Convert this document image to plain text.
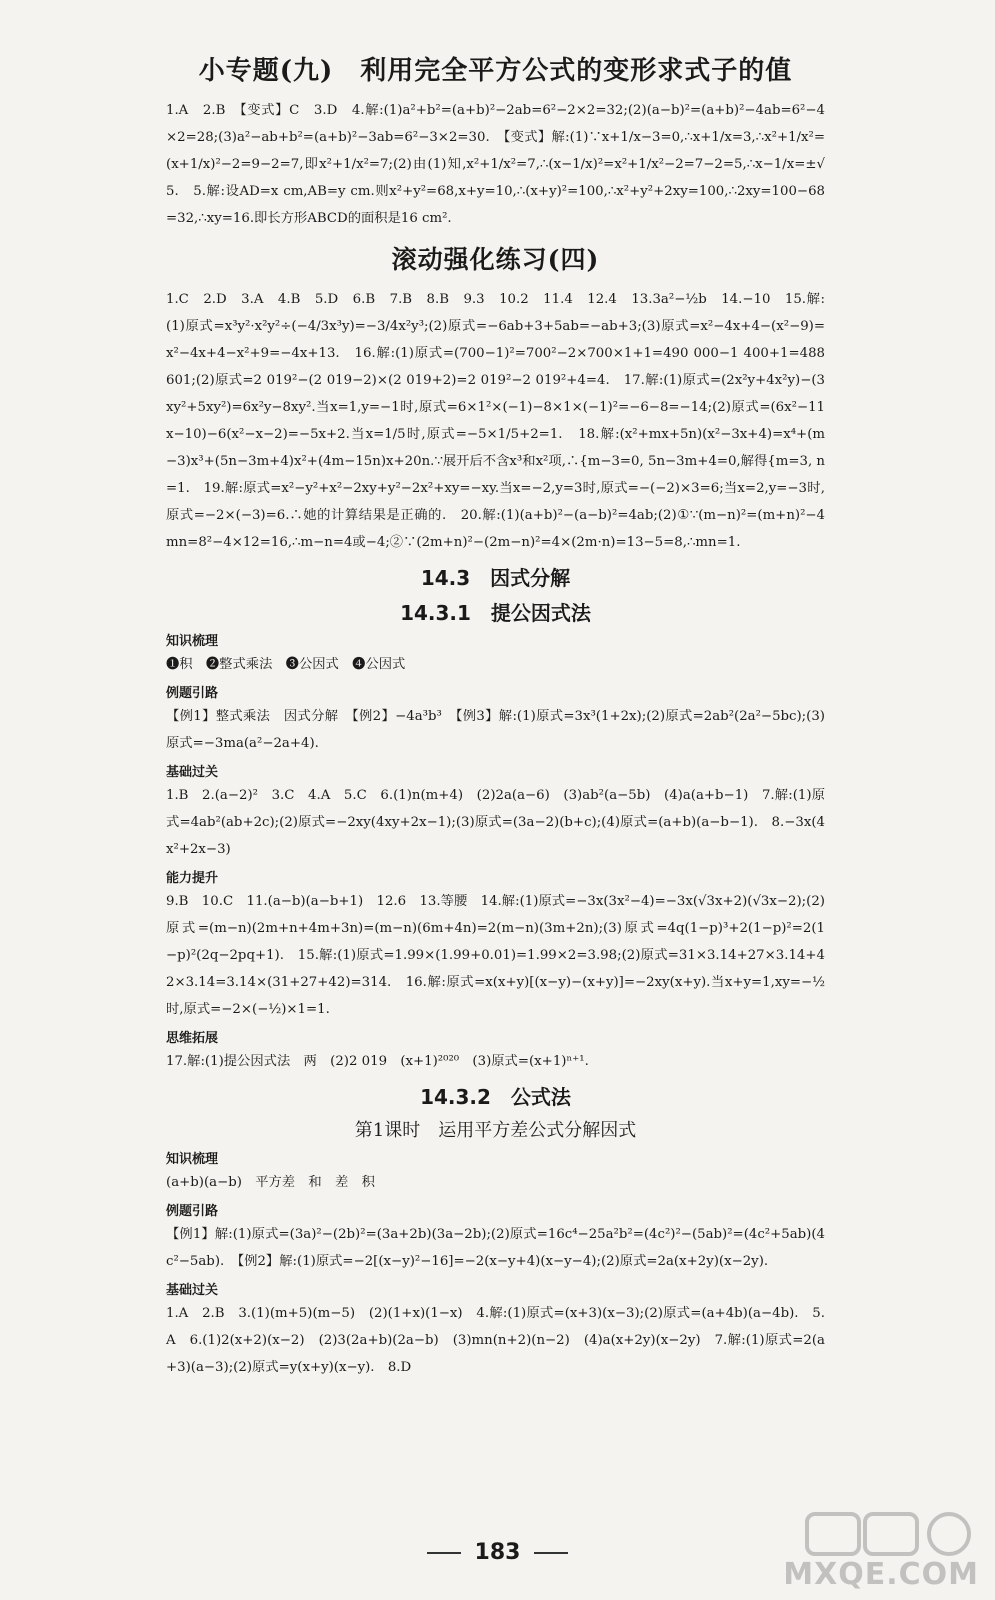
小专题(九)　利用完全平方公式的变形求式子的值

1.A　2.B　【变式】C　3.D　4.解:(1)a²+b²=(a+b)²−2ab=6²−2×2=32;(2)(a−b)²=(a+b)²−4ab=6²−4×2=28;(3)a²−ab+b²=(a+b)²−3ab=6²−3×2=30.　【变式】解:(1)∵x+1/x−3=0,∴x+1/x=3,∴x²+1/x²=(x+1/x)²−2=9−2=7,即x²+1/x²=7;(2)由(1)知,x²+1/x²=7,∴(x−1/x)²=x²+1/x²−2=7−2=5,∴x−1/x=±√5.　5.解:设AD=x cm,AB=y cm.则x²+y²=68,x+y=10,∴(x+y)²=100,∴x²+y²+2xy=100,∴2xy=100−68=32,∴xy=16.即长方形ABCD的面积是16 cm².

滚动强化练习(四)

1.C　2.D　3.A　4.B　5.D　6.B　7.B　8.B　9.3　10.2　11.4　12.4　13.3a²−½b　14.−10　15.解:(1)原式=x³y²·x²y²÷(−4/3x³y)=−3/4x²y³;(2)原式=−6ab+3+5ab=−ab+3;(3)原式=x²−4x+4−(x²−9)=x²−4x+4−x²+9=−4x+13.　16.解:(1)原式=(700−1)²=700²−2×700×1+1=490 000−1 400+1=488 601;(2)原式=2 019²−(2 019−2)×(2 019+2)=2 019²−2 019²+4=4.　17.解:(1)原式=(2x²y+4x²y)−(3xy²+5xy²)=6x²y−8xy².当x=1,y=−1时,原式=6×1²×(−1)−8×1×(−1)²=−6−8=−14;(2)原式=(6x²−11x−10)−6(x²−x−2)=−5x+2.当x=1/5时,原式=−5×1/5+2=1.　18.解:(x²+mx+5n)(x²−3x+4)=x⁴+(m−3)x³+(5n−3m+4)x²+(4m−15n)x+20n.∵展开后不含x³和x²项,∴{m−3=0, 5n−3m+4=0,解得{m=3, n=1.　19.解:原式=x²−y²+x²−2xy+y²−2x²+xy=−xy.当x=−2,y=3时,原式=−(−2)×3=6;当x=2,y=−3时,原式=−2×(−3)=6.∴她的计算结果是正确的.　20.解:(1)(a+b)²−(a−b)²=4ab;(2)①∵(m−n)²=(m+n)²−4mn=8²−4×12=16,∴m−n=4或−4;②∵(2m+n)²−(2m−n)²=4×(2m·n)=13−5=8,∴mn=1.

14.3　因式分解
14.3.1　提公因式法
知识梳理

❶积　❷整式乘法　❸公因式　❹公因式

例题引路

【例1】整式乘法　因式分解　【例2】−4a³b³　【例3】解:(1)原式=3x³(1+2x);(2)原式=2ab²(2a²−5bc);(3)原式=−3ma(a²−2a+4).

基础过关

1.B　2.(a−2)²　3.C　4.A　5.C　6.(1)n(m+4)　(2)2a(a−6)　(3)ab²(a−5b)　(4)a(a+b−1)　7.解:(1)原式=4ab²(ab+2c);(2)原式=−2xy(4xy+2x−1);(3)原式=(3a−2)(b+c);(4)原式=(a+b)(a−b−1).　8.−3x(4x²+2x−3)

能力提升

9.B　10.C　11.(a−b)(a−b+1)　12.6　13.等腰　14.解:(1)原式=−3x(3x²−4)=−3x(√3x+2)(√3x−2);(2)原式=(m−n)(2m+n+4m+3n)=(m−n)(6m+4n)=2(m−n)(3m+2n);(3)原式=4q(1−p)³+2(1−p)²=2(1−p)²(2q−2pq+1).　15.解:(1)原式=1.99×(1.99+0.01)=1.99×2=3.98;(2)原式=31×3.14+27×3.14+42×3.14=3.14×(31+27+42)=314.　16.解:原式=x(x+y)[(x−y)−(x+y)]=−2xy(x+y).当x+y=1,xy=−½时,原式=−2×(−½)×1=1.

思维拓展

17.解:(1)提公因式法　两　(2)2 019　(x+1)²⁰²⁰　(3)原式=(x+1)ⁿ⁺¹.

14.3.2　公式法
第1课时　运用平方差公式分解因式
知识梳理

(a+b)(a−b)　平方差　和　差　积

例题引路

【例1】解:(1)原式=(3a)²−(2b)²=(3a+2b)(3a−2b);(2)原式=16c⁴−25a²b²=(4c²)²−(5ab)²=(4c²+5ab)(4c²−5ab).　【例2】解:(1)原式=−2[(x−y)²−16]=−2(x−y+4)(x−y−4);(2)原式=2a(x+2y)(x−2y).

基础过关

1.A　2.B　3.(1)(m+5)(m−5)　(2)(1+x)(1−x)　4.解:(1)原式=(x+3)(x−3);(2)原式=(a+4b)(a−4b).　5.A　6.(1)2(x+2)(x−2)　(2)3(2a+b)(2a−b)　(3)mn(n+2)(n−2)　(4)a(x+2y)(x−2y)　7.解:(1)原式=2(a+3)(a−3);(2)原式=y(x+y)(x−y).　8.D

183
MXQE.COM
